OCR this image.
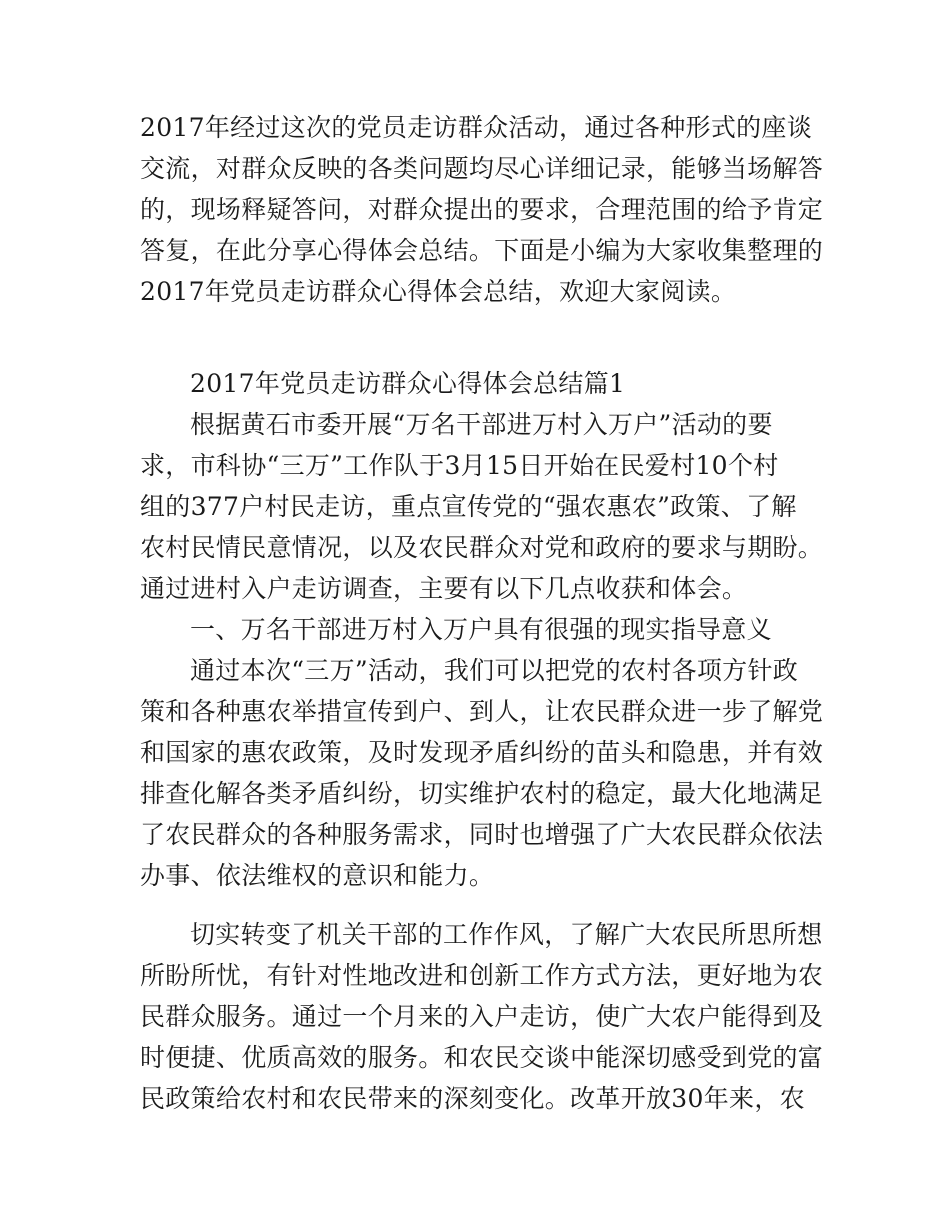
2017年经过这次的党员走访群众活动，通过各种形式的座谈
交流，对群众反映的各类问题均尽心详细记录，能够当场解答
的，现场释疑答问，对群众提出的要求，合理范围的给予肯定
答复，在此分享心得体会总结。下面是小编为大家收集整理的
2017年党员走访群众心得体会总结，欢迎大家阅读。
2017年党员走访群众心得体会总结篇1
根据黄石市委开展“万名干部进万村入万户”活动的要
求，市科协“三万”工作队于3月15日开始在民爱村10个村
组的377户村民走访，重点宣传党的“强农惠农”政策、了解
农村民情民意情况，以及农民群众对党和政府的要求与期盼。
通过进村入户走访调查，主要有以下几点收获和体会。
一、万名干部进万村入万户具有很强的现实指导意义
通过本次“三万”活动，我们可以把党的农村各项方针政
策和各种惠农举措宣传到户、到人，让农民群众进一步了解党
和国家的惠农政策，及时发现矛盾纠纷的苗头和隐患，并有效
排查化解各类矛盾纠纷，切实维护农村的稳定，最大化地满足
了农民群众的各种服务需求，同时也增强了广大农民群众依法
办事、依法维权的意识和能力。
切实转变了机关干部的工作作风，了解广大农民所思所想
所盼所忧，有针对性地改进和创新工作方式方法，更好地为农
民群众服务。通过一个月来的入户走访，使广大农户能得到及
时便捷、优质高效的服务。和农民交谈中能深切感受到党的富
民政策给农村和农民带来的深刻变化。改革开放30年来，农
